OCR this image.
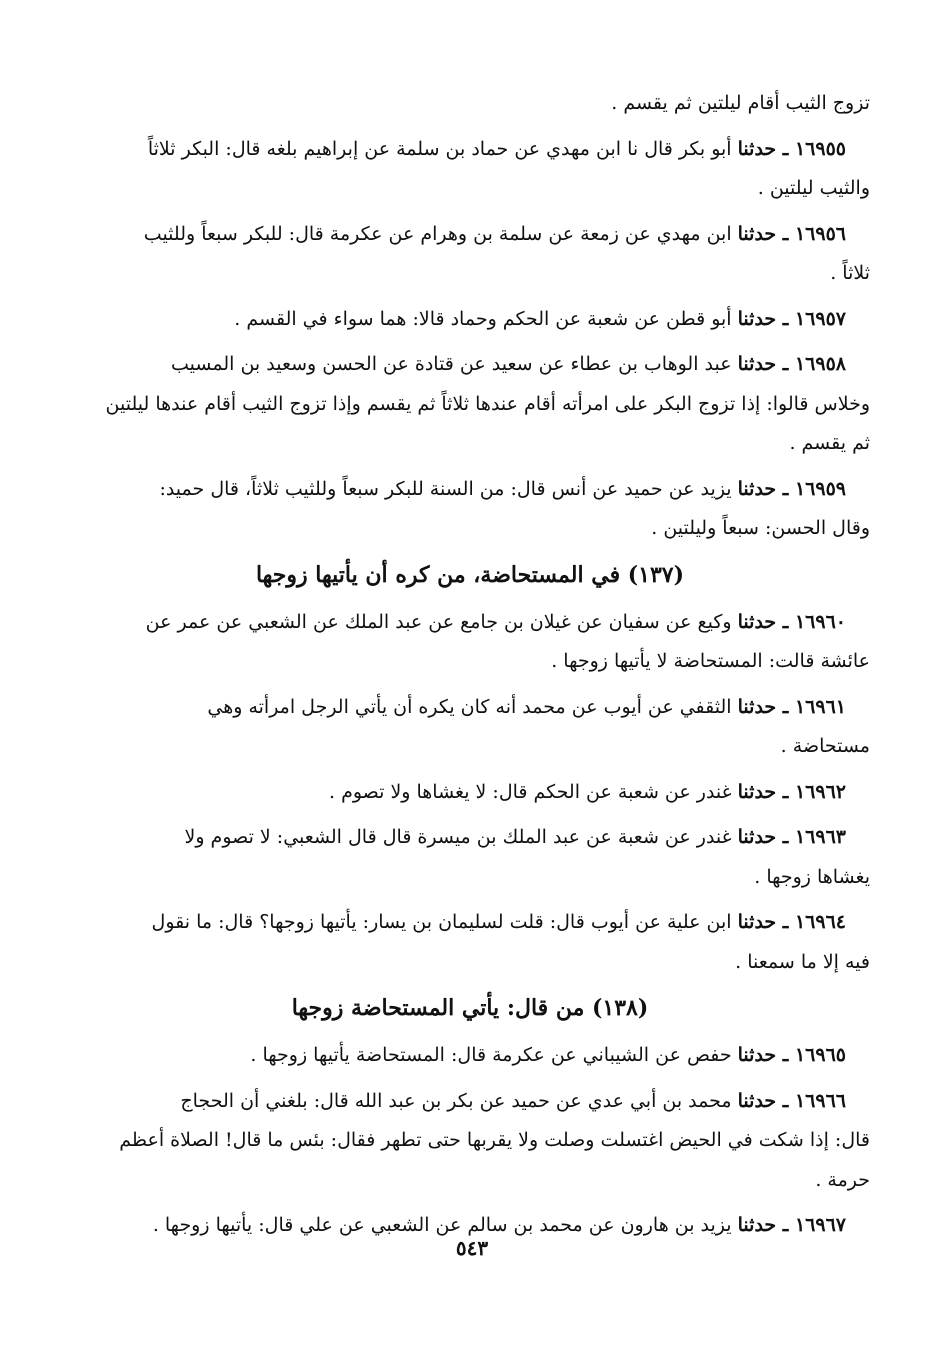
تزوج الثيب أقام ليلتين ثم يقسم .
١٦٩٥٥ ـ حدثنا أبو بكر قال نا ابن مهدي عن حماد بن سلمة عن إبراهيم بلغه قال: البكر ثلاثاً
والثيب ليلتين .
١٦٩٥٦ ـ حدثنا ابن مهدي عن زمعة عن سلمة بن وهرام عن عكرمة قال: للبكر سبعاً وللثيب
ثلاثاً .
١٦٩٥٧ ـ حدثنا أبو قطن عن شعبة عن الحكم وحماد قالا: هما سواء في القسم .
١٦٩٥٨ ـ حدثنا عبد الوهاب بن عطاء عن سعيد عن قتادة عن الحسن وسعيد بن المسيب
وخلاس قالوا: إذا تزوج البكر على امرأته أقام عندها ثلاثاً ثم يقسم وإذا تزوج الثيب أقام عندها ليلتين
ثم يقسم .
١٦٩٥٩ ـ حدثنا يزيد عن حميد عن أنس قال: من السنة للبكر سبعاً وللثيب ثلاثاً، قال حميد:
وقال الحسن: سبعاً وليلتين .
(١٣٧) في المستحاضة، من كره أن يأتيها زوجها
١٦٩٦٠ ـ حدثنا وكيع عن سفيان عن غيلان بن جامع عن عبد الملك عن الشعبي عن عمر عن
عائشة قالت: المستحاضة لا يأتيها زوجها .
١٦٩٦١ ـ حدثنا الثقفي عن أيوب عن محمد أنه كان يكره أن يأتي الرجل امرأته وهي
مستحاضة .
١٦٩٦٢ ـ حدثنا غندر عن شعبة عن الحكم قال: لا يغشاها ولا تصوم .
١٦٩٦٣ ـ حدثنا غندر عن شعبة عن عبد الملك بن ميسرة قال قال الشعبي: لا تصوم ولا
يغشاها زوجها .
١٦٩٦٤ ـ حدثنا ابن علية عن أيوب قال: قلت لسليمان بن يسار: يأتيها زوجها؟ قال: ما نقول
فيه إلا ما سمعنا .
(١٣٨) من قال: يأتي المستحاضة زوجها
١٦٩٦٥ ـ حدثنا حفص عن الشيباني عن عكرمة قال: المستحاضة يأتيها زوجها .
١٦٩٦٦ ـ حدثنا محمد بن أبي عدي عن حميد عن بكر بن عبد الله قال: بلغني أن الحجاج
قال: إذا شكت في الحيض اغتسلت وصلت ولا يقربها حتى تطهر فقال: بئس ما قال! الصلاة أعظم
حرمة .
١٦٩٦٧ ـ حدثنا يزيد بن هارون عن محمد بن سالم عن الشعبي عن علي قال: يأتيها زوجها .
٥٤٣
